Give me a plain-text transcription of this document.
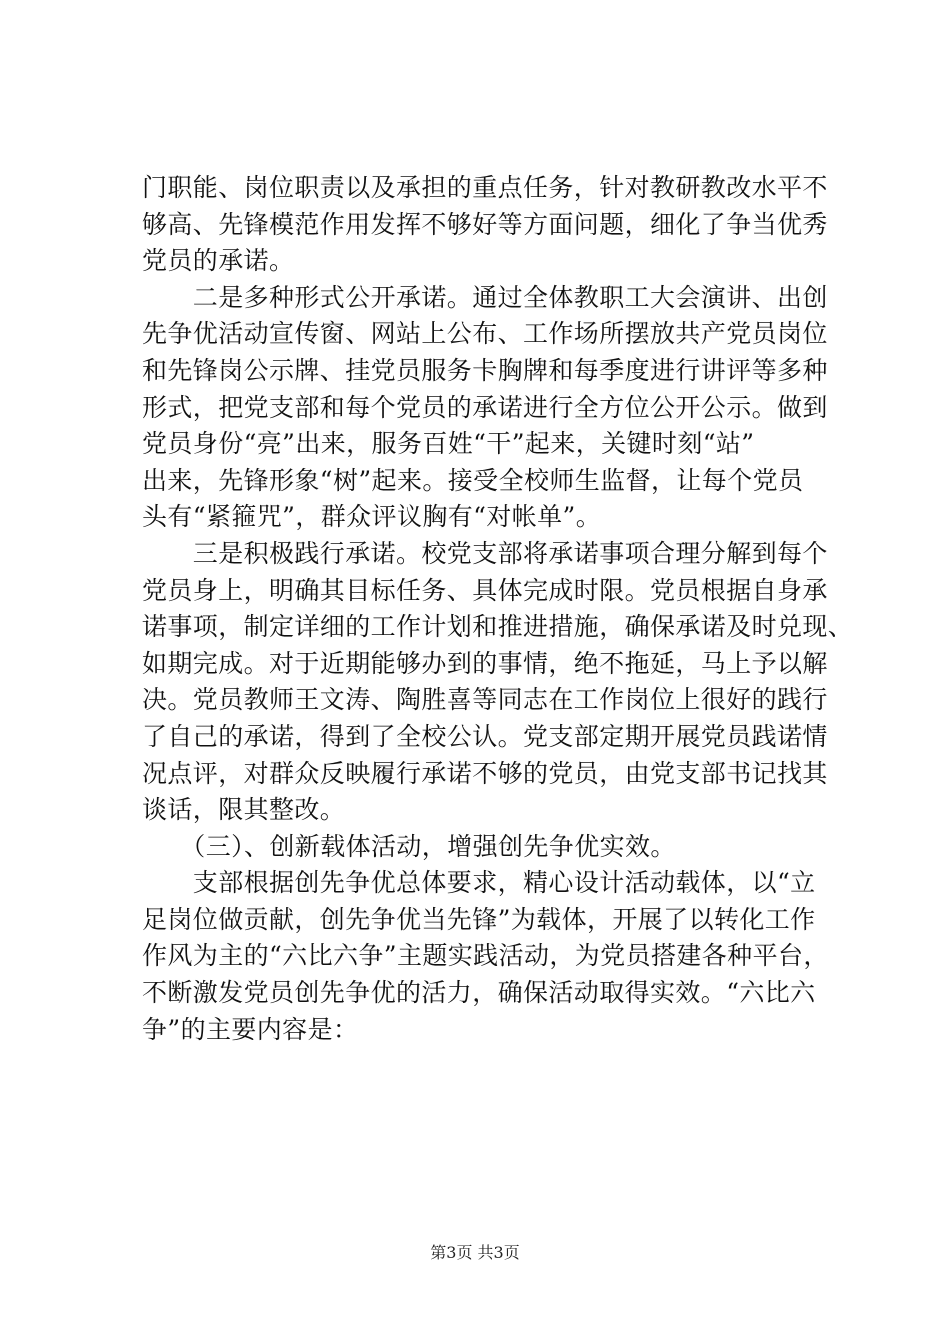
门职能、岗位职责以及承担的重点任务，针对教研教改水平不
够高、先锋模范作用发挥不够好等方面问题，细化了争当优秀
党员的承诺。
　　二是多种形式公开承诺。通过全体教职工大会演讲、出创
先争优活动宣传窗、网站上公布、工作场所摆放共产党员岗位
和先锋岗公示牌、挂党员服务卡胸牌和每季度进行讲评等多种
形式，把党支部和每个党员的承诺进行全方位公开公示。做到
党员身份“亮”出来，服务百姓“干”起来，关键时刻“站”
出来，先锋形象“树”起来。接受全校师生监督，让每个党员
头有“紧箍咒”，群众评议胸有“对帐单”。
　　三是积极践行承诺。校党支部将承诺事项合理分解到每个
党员身上，明确其目标任务、具体完成时限。党员根据自身承
诺事项，制定详细的工作计划和推进措施，确保承诺及时兑现、
如期完成。对于近期能够办到的事情，绝不拖延，马上予以解
决。党员教师王文涛、陶胜喜等同志在工作岗位上很好的践行
了自己的承诺，得到了全校公认。党支部定期开展党员践诺情
况点评，对群众反映履行承诺不够的党员，由党支部书记找其
谈话，限其整改。
　　（三）、创新载体活动，增强创先争优实效。
　　支部根据创先争优总体要求，精心设计活动载体，以“立
足岗位做贡献，创先争优当先锋”为载体，开展了以转化工作
作风为主的“六比六争”主题实践活动，为党员搭建各种平台，
不断激发党员创先争优的活力，确保活动取得实效。“六比六
争”的主要内容是：
第3页 共3页
